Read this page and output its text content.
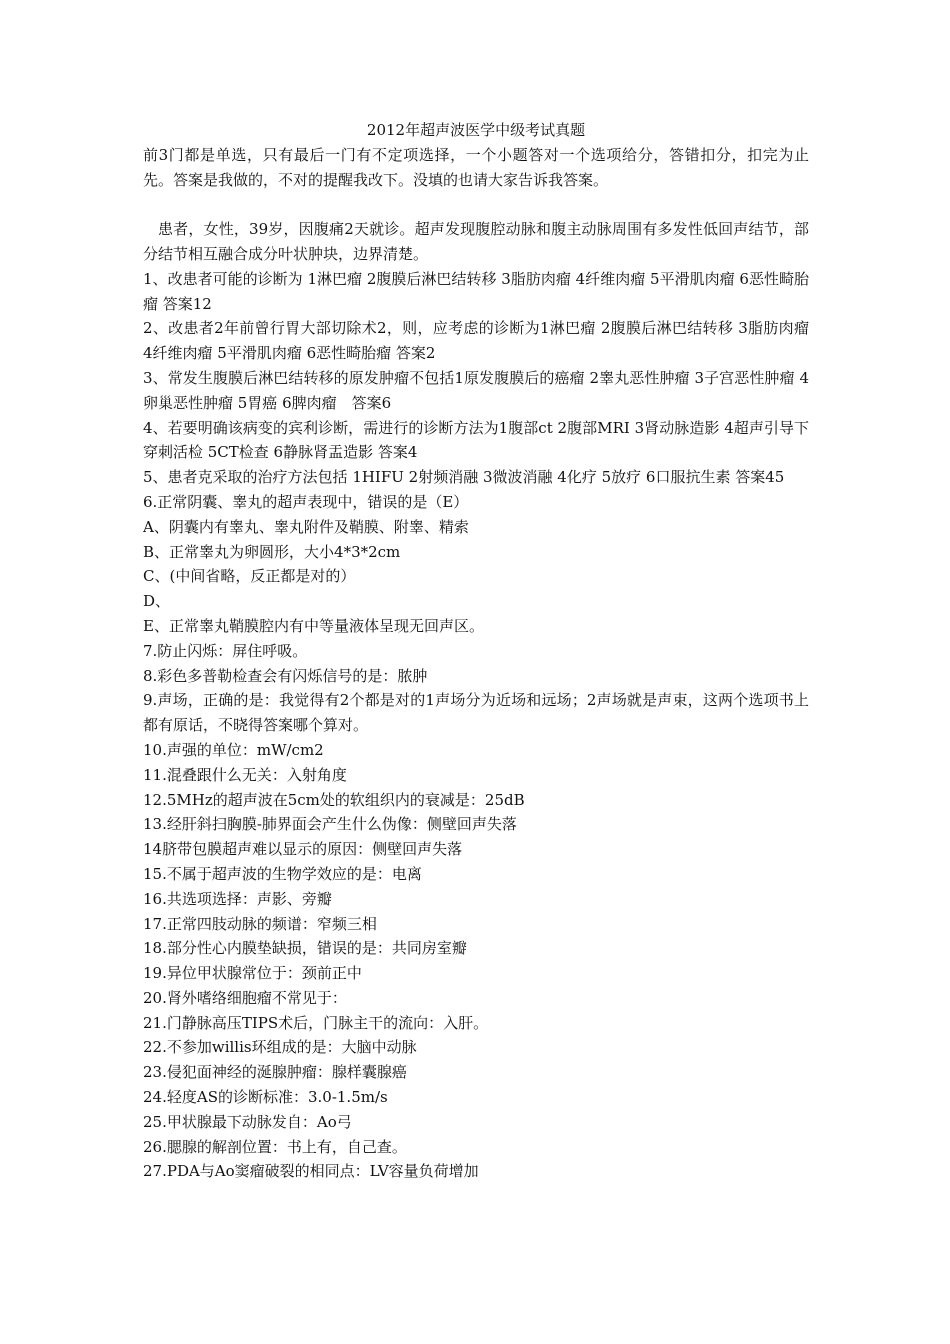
2012年超声波医学中级考试真题

前3门都是单选，只有最后一门有不定项选择，一个小题答对一个选项给分，答错扣分，扣完为止先。答案是我做的，不对的提醒我改下。没填的也请大家告诉我答案。

患者，女性，39岁，因腹痛2天就诊。超声发现腹腔动脉和腹主动脉周围有多发性低回声结节，部分结节相互融合成分叶状肿块，边界清楚。

1、改患者可能的诊断为 1淋巴瘤 2腹膜后淋巴结转移 3脂肪肉瘤 4纤维肉瘤 5平滑肌肉瘤 6恶性畸胎瘤 答案12

2、改患者2年前曾行胃大部切除术2，则，应考虑的诊断为1淋巴瘤 2腹膜后淋巴结转移 3脂肪肉瘤 4纤维肉瘤 5平滑肌肉瘤 6恶性畸胎瘤 答案2

3、常发生腹膜后淋巴结转移的原发肿瘤不包括1原发腹膜后的癌瘤 2睾丸恶性肿瘤 3子宫恶性肿瘤 4卵巢恶性肿瘤 5胃癌 6脾肉瘤　答案6

4、若要明确该病变的宾利诊断，需进行的诊断方法为1腹部ct 2腹部MRI 3肾动脉造影 4超声引导下穿刺活检 5CT检查 6静脉肾盂造影 答案4

5、患者克采取的治疗方法包括 1HIFU 2射频消融 3微波消融 4化疗 5放疗 6口服抗生素 答案45

6.正常阴囊、睾丸的超声表现中，错误的是（E）

A、阴囊内有睾丸、睾丸附件及鞘膜、附睾、精索

B、正常睾丸为卵圆形，大小4*3*2cm

C、(中间省略，反正都是对的）

D、

E、正常睾丸鞘膜腔内有中等量液体呈现无回声区。

7.防止闪烁：屏住呼吸。

8.彩色多普勒检查会有闪烁信号的是：脓肿

9.声场，正确的是：我觉得有2个都是对的1声场分为近场和远场；2声场就是声束，这两个选项书上都有原话，不晓得答案哪个算对。

10.声强的单位：mW/cm2

11.混叠跟什么无关：入射角度

12.5MHz的超声波在5cm处的软组织内的衰减是：25dB

13.经肝斜扫胸膜-肺界面会产生什么伪像：侧壁回声失落

14脐带包膜超声难以显示的原因：侧壁回声失落

15.不属于超声波的生物学效应的是：电离

16.共选项选择：声影、旁瓣

17.正常四肢动脉的频谱：窄频三相

18.部分性心内膜垫缺损，错误的是：共同房室瓣

19.异位甲状腺常位于：颈前正中

20.肾外嗜络细胞瘤不常见于：

21.门静脉高压TIPS术后，门脉主干的流向：入肝。

22.不参加willis环组成的是：大脑中动脉

23.侵犯面神经的涎腺肿瘤：腺样囊腺癌

24.轻度AS的诊断标准：3.0-1.5m/s

25.甲状腺最下动脉发自：Ao弓

26.腮腺的解剖位置：书上有，自己查。

27.PDA与Ao窦瘤破裂的相同点：LV容量负荷增加
